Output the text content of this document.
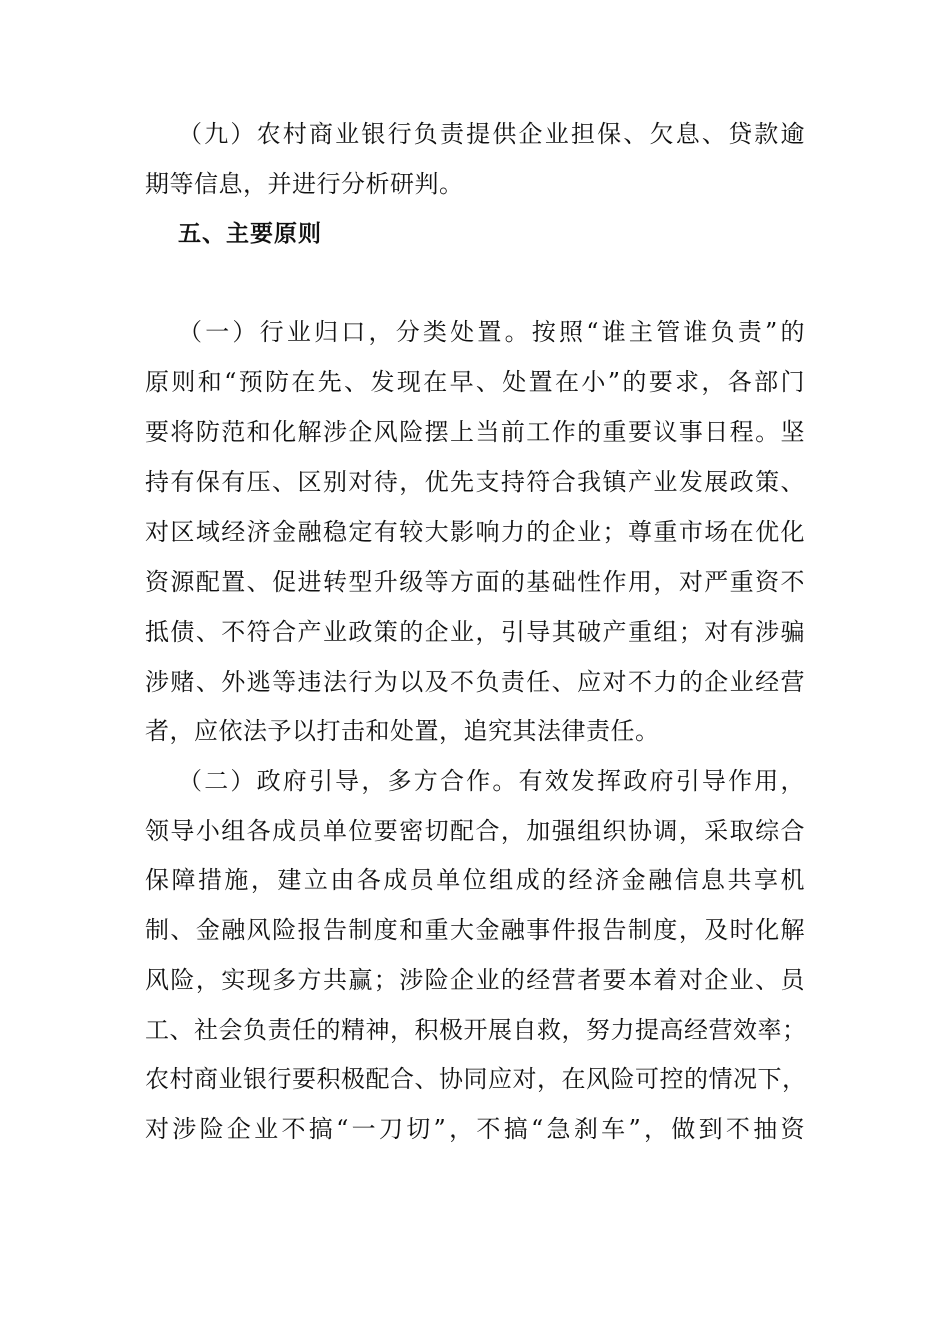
（九）农村商业银行负责提供企业担保、欠息、贷款逾
期等信息，并进行分析研判。
五、主要原则
（一）行业归口，分类处置。按照“谁主管谁负责”的
原则和“预防在先、发现在早、处置在小”的要求，各部门
要将防范和化解涉企风险摆上当前工作的重要议事日程。坚
持有保有压、区别对待，优先支持符合我镇产业发展政策、
对区域经济金融稳定有较大影响力的企业；尊重市场在优化
资源配置、促进转型升级等方面的基础性作用，对严重资不
抵债、不符合产业政策的企业，引导其破产重组；对有涉骗
涉赌、外逃等违法行为以及不负责任、应对不力的企业经营
者，应依法予以打击和处置，追究其法律责任。
（二）政府引导，多方合作。有效发挥政府引导作用，
领导小组各成员单位要密切配合，加强组织协调，采取综合
保障措施，建立由各成员单位组成的经济金融信息共享机
制、金融风险报告制度和重大金融事件报告制度，及时化解
风险，实现多方共赢；涉险企业的经营者要本着对企业、员
工、社会负责任的精神，积极开展自救，努力提高经营效率；
农村商业银行要积极配合、协同应对，在风险可控的情况下，
对涉险企业不搞“一刀切”，不搞“急刹车”，做到不抽资
